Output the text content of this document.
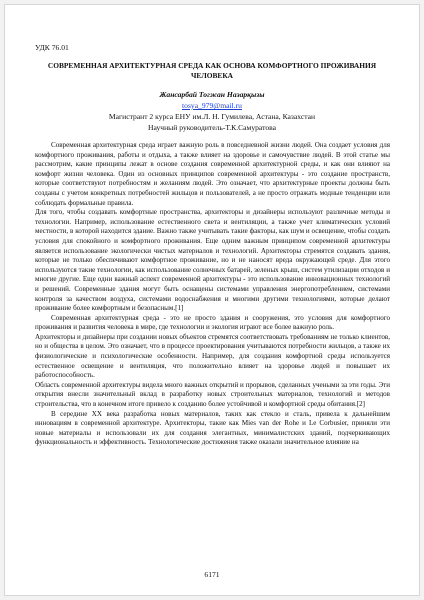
УДК 76.01
СОВРЕМЕННАЯ АРХИТЕКТУРНАЯ СРЕДА КАК ОСНОВА КОМФОРТНОГО ПРОЖИВАНИЯ ЧЕЛОВЕКА
Жансарбай Тогжан Назарқызы
tosya_979@mail.ru
Магистрант 2 курса ЕНУ им.Л. Н. Гумилева, Астана, Казахстан
Научный руководитель-Т.К.Самуратова

Современная архитектурная среда играет важную роль в повседневной жизни людей. Она создает условия для комфортного проживания, работы и отдыха, а также влияет на здоровье и самочувствие людей. В этой статье мы рассмотрим, какие принципы лежат в основе создания современной архитектурной среды, и как они влияют на комфорт жизни человека. Один из основных принципов современной архитектуры - это создание пространств, которые соответствуют потребностям и желаниям людей. Это означает, что архитектурные проекты должны быть созданы с учетом конкретных потребностей жильцов и пользователей, а не просто отражать модные тенденции или соблюдать формальные правила.

Для того, чтобы создавать комфортные пространства, архитекторы и дизайнеры используют различные методы и технологии. Например, использование естественного света и вентиляции, а также учет климатических условий местности, в которой находится здание. Важно также учитывать такие факторы, как шум и освещение, чтобы создать условия для спокойного и комфортного проживания. Еще одним важным принципом современной архитектуры является использование экологически чистых материалов и технологий. Архитекторы стремятся создавать здания, которые не только обеспечивают комфортное проживание, но и не наносят вреда окружающей среде. Для этого используются такие технологии, как использование солнечных батарей, зеленых крыш, систем утилизации отходов и многие другие. Еще одни важный аспект современной архитектуры - это использование инновационных технологий и решений. Современные здания могут быть оснащены системами управления энергопотреблением, системами контроля за качеством воздуха, системами водоснабжения и многими другими технологиями, которые делают проживание более комфортным и безопасным.[1]

Современная архитектурная среда - это не просто здания и сооружения, это условия для комфортного проживания и развития человека в мире, где технологии и экология играют все более важную роль.

Архитекторы и дизайнеры при создании новых объектов стремятся соответствовать требованиям не только клиентов, но и общества в целом. Это означает, что в процессе проектирования учитываются потребности жильцов, а также их физиологические и психологические особенности. Например, для создания комфортной среды используется естественное освещение и вентиляция, что положительно влияет на здоровье людей и повышает их работоспособность.

Область современной архитектуры видела много важных открытий и прорывов, сделанных учеными за эти годы. Эти открытия внесли значительный вклад в разработку новых строительных материалов, технологий и методов строительства, что в конечном итоге привело к созданию более устойчивой и комфортной среды обитания.[2]

В середине XX века разработка новых материалов, таких как стекло и сталь, привела к дальнейшим инновациям в современной архитектуре. Архитекторы, такие как Mies van der Rohe и Le Corbusier, приняли эти новые материалы и использовали их для создания элегантных, минималистских зданий, подчеркивающих функциональность и эффективность. Технологические достижения также оказали значительное влияние на

6171
